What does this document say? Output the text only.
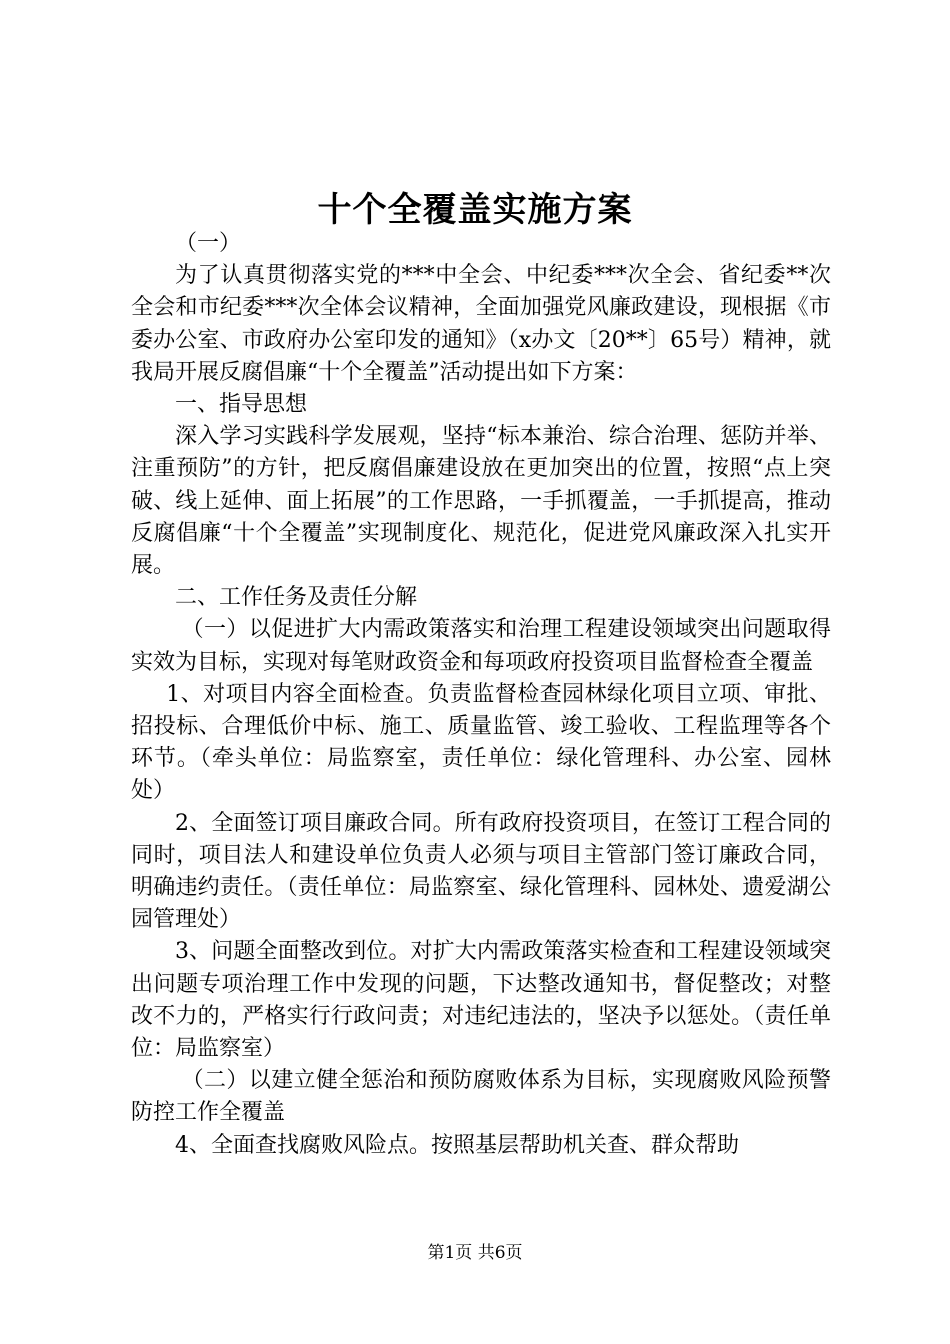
十个全覆盖实施方案

（一）

为了认真贯彻落实党的***中全会、中纪委***次全会、省纪委**次全会和市纪委***次全体会议精神，全面加强党风廉政建设，现根据《市委办公室、市政府办公室印发的通知》（x办文〔20**〕65号）精神，就我局开展反腐倡廉“十个全覆盖”活动提出如下方案：

一、指导思想

深入学习实践科学发展观，坚持“标本兼治、综合治理、惩防并举、注重预防”的方针，把反腐倡廉建设放在更加突出的位置，按照“点上突破、线上延伸、面上拓展”的工作思路，一手抓覆盖，一手抓提高，推动反腐倡廉“十个全覆盖”实现制度化、规范化，促进党风廉政深入扎实开展。

二、工作任务及责任分解

（一）以促进扩大内需政策落实和治理工程建设领域突出问题取得实效为目标，实现对每笔财政资金和每项政府投资项目监督检查全覆盖

1、对项目内容全面检查。负责监督检查园林绿化项目立项、审批、招投标、合理低价中标、施工、质量监管、竣工验收、工程监理等各个环节。（牵头单位：局监察室，责任单位：绿化管理科、办公室、园林处）

2、全面签订项目廉政合同。所有政府投资项目，在签订工程合同的同时，项目法人和建设单位负责人必须与项目主管部门签订廉政合同，明确违约责任。（责任单位：局监察室、绿化管理科、园林处、遗爱湖公园管理处）

3、问题全面整改到位。对扩大内需政策落实检查和工程建设领域突出问题专项治理工作中发现的问题，下达整改通知书，督促整改；对整改不力的，严格实行行政问责；对违纪违法的，坚决予以惩处。（责任单位：局监察室）

（二）以建立健全惩治和预防腐败体系为目标，实现腐败风险预警防控工作全覆盖

4、全面查找腐败风险点。按照基层帮助机关查、群众帮助

第1页 共6页
